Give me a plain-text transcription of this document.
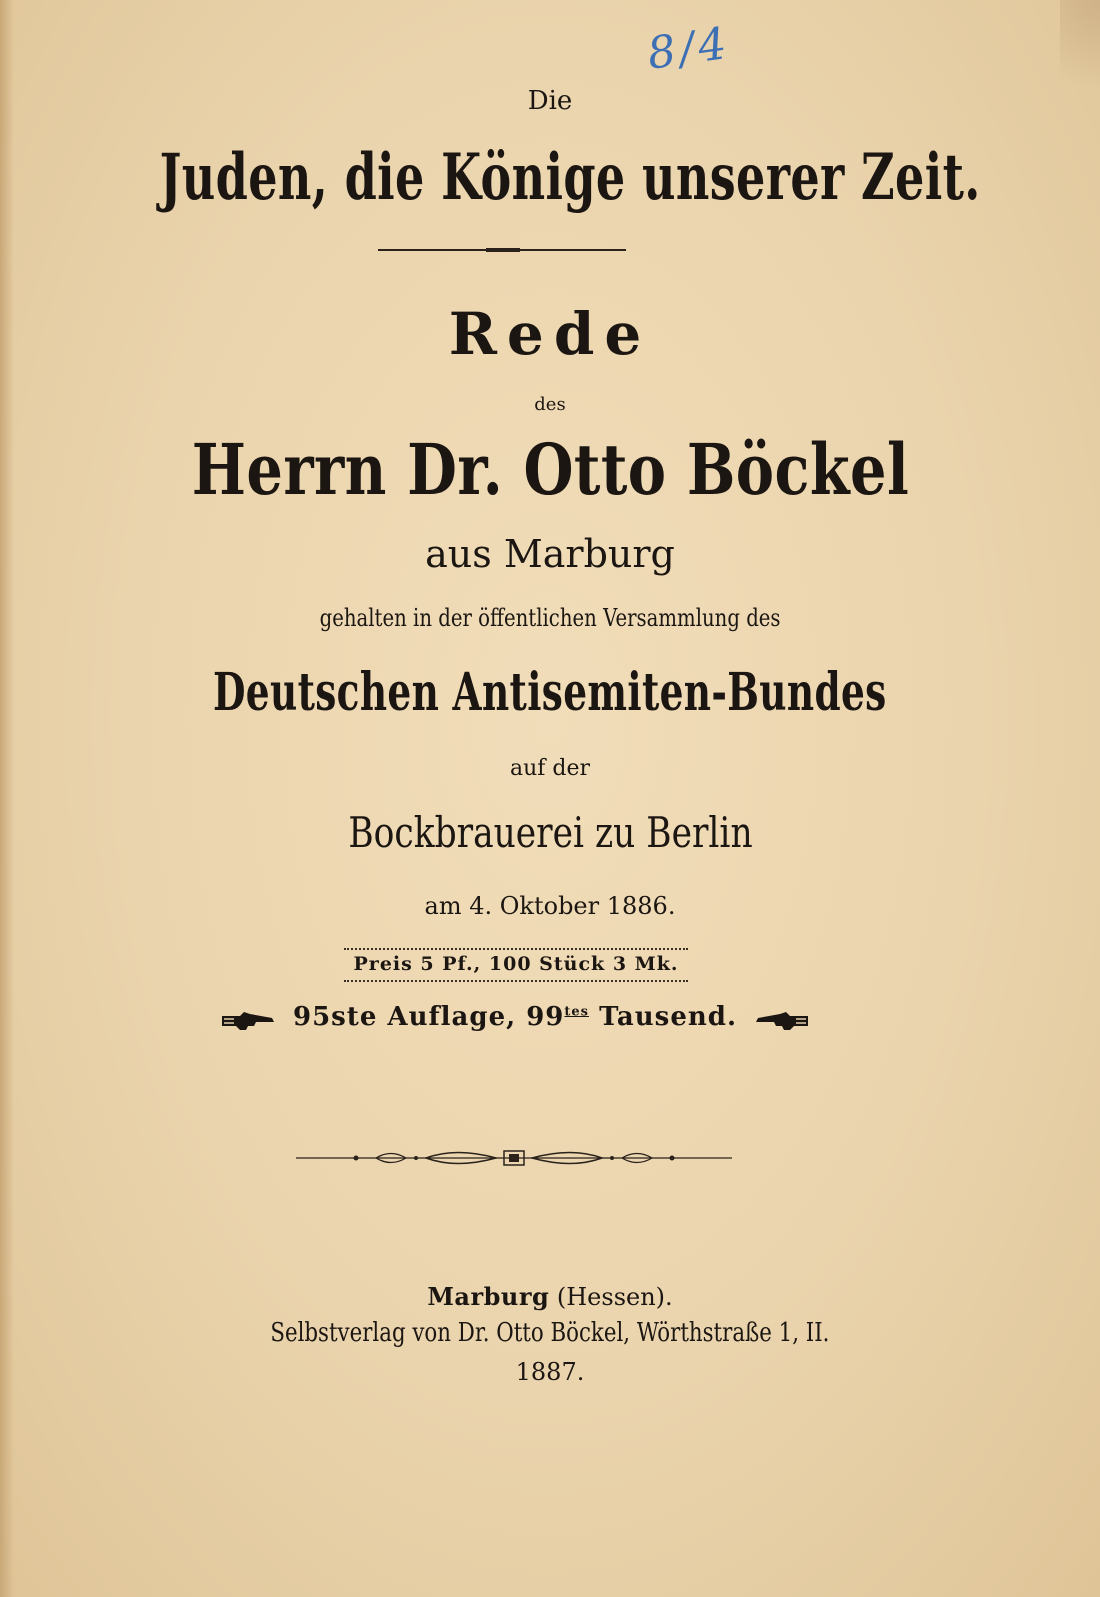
8/4
Die
Juden, die Könige unserer Zeit.
Rede
des
Herrn Dr. Otto Böckel
aus Marburg
gehalten in der öffentlichen Versammlung des
Deutschen Antisemiten-Bundes
auf der
Bockbrauerei zu Berlin
am 4. Oktober 1886.
Preis 5 Pf., 100 Stück 3 Mk.
95ste Auflage, $99^{tes}$ Tausend.
Marburg (Hessen).
Selbstverlag von Dr. Otto Böckel, Wörthstraße 1, II.
1887.
